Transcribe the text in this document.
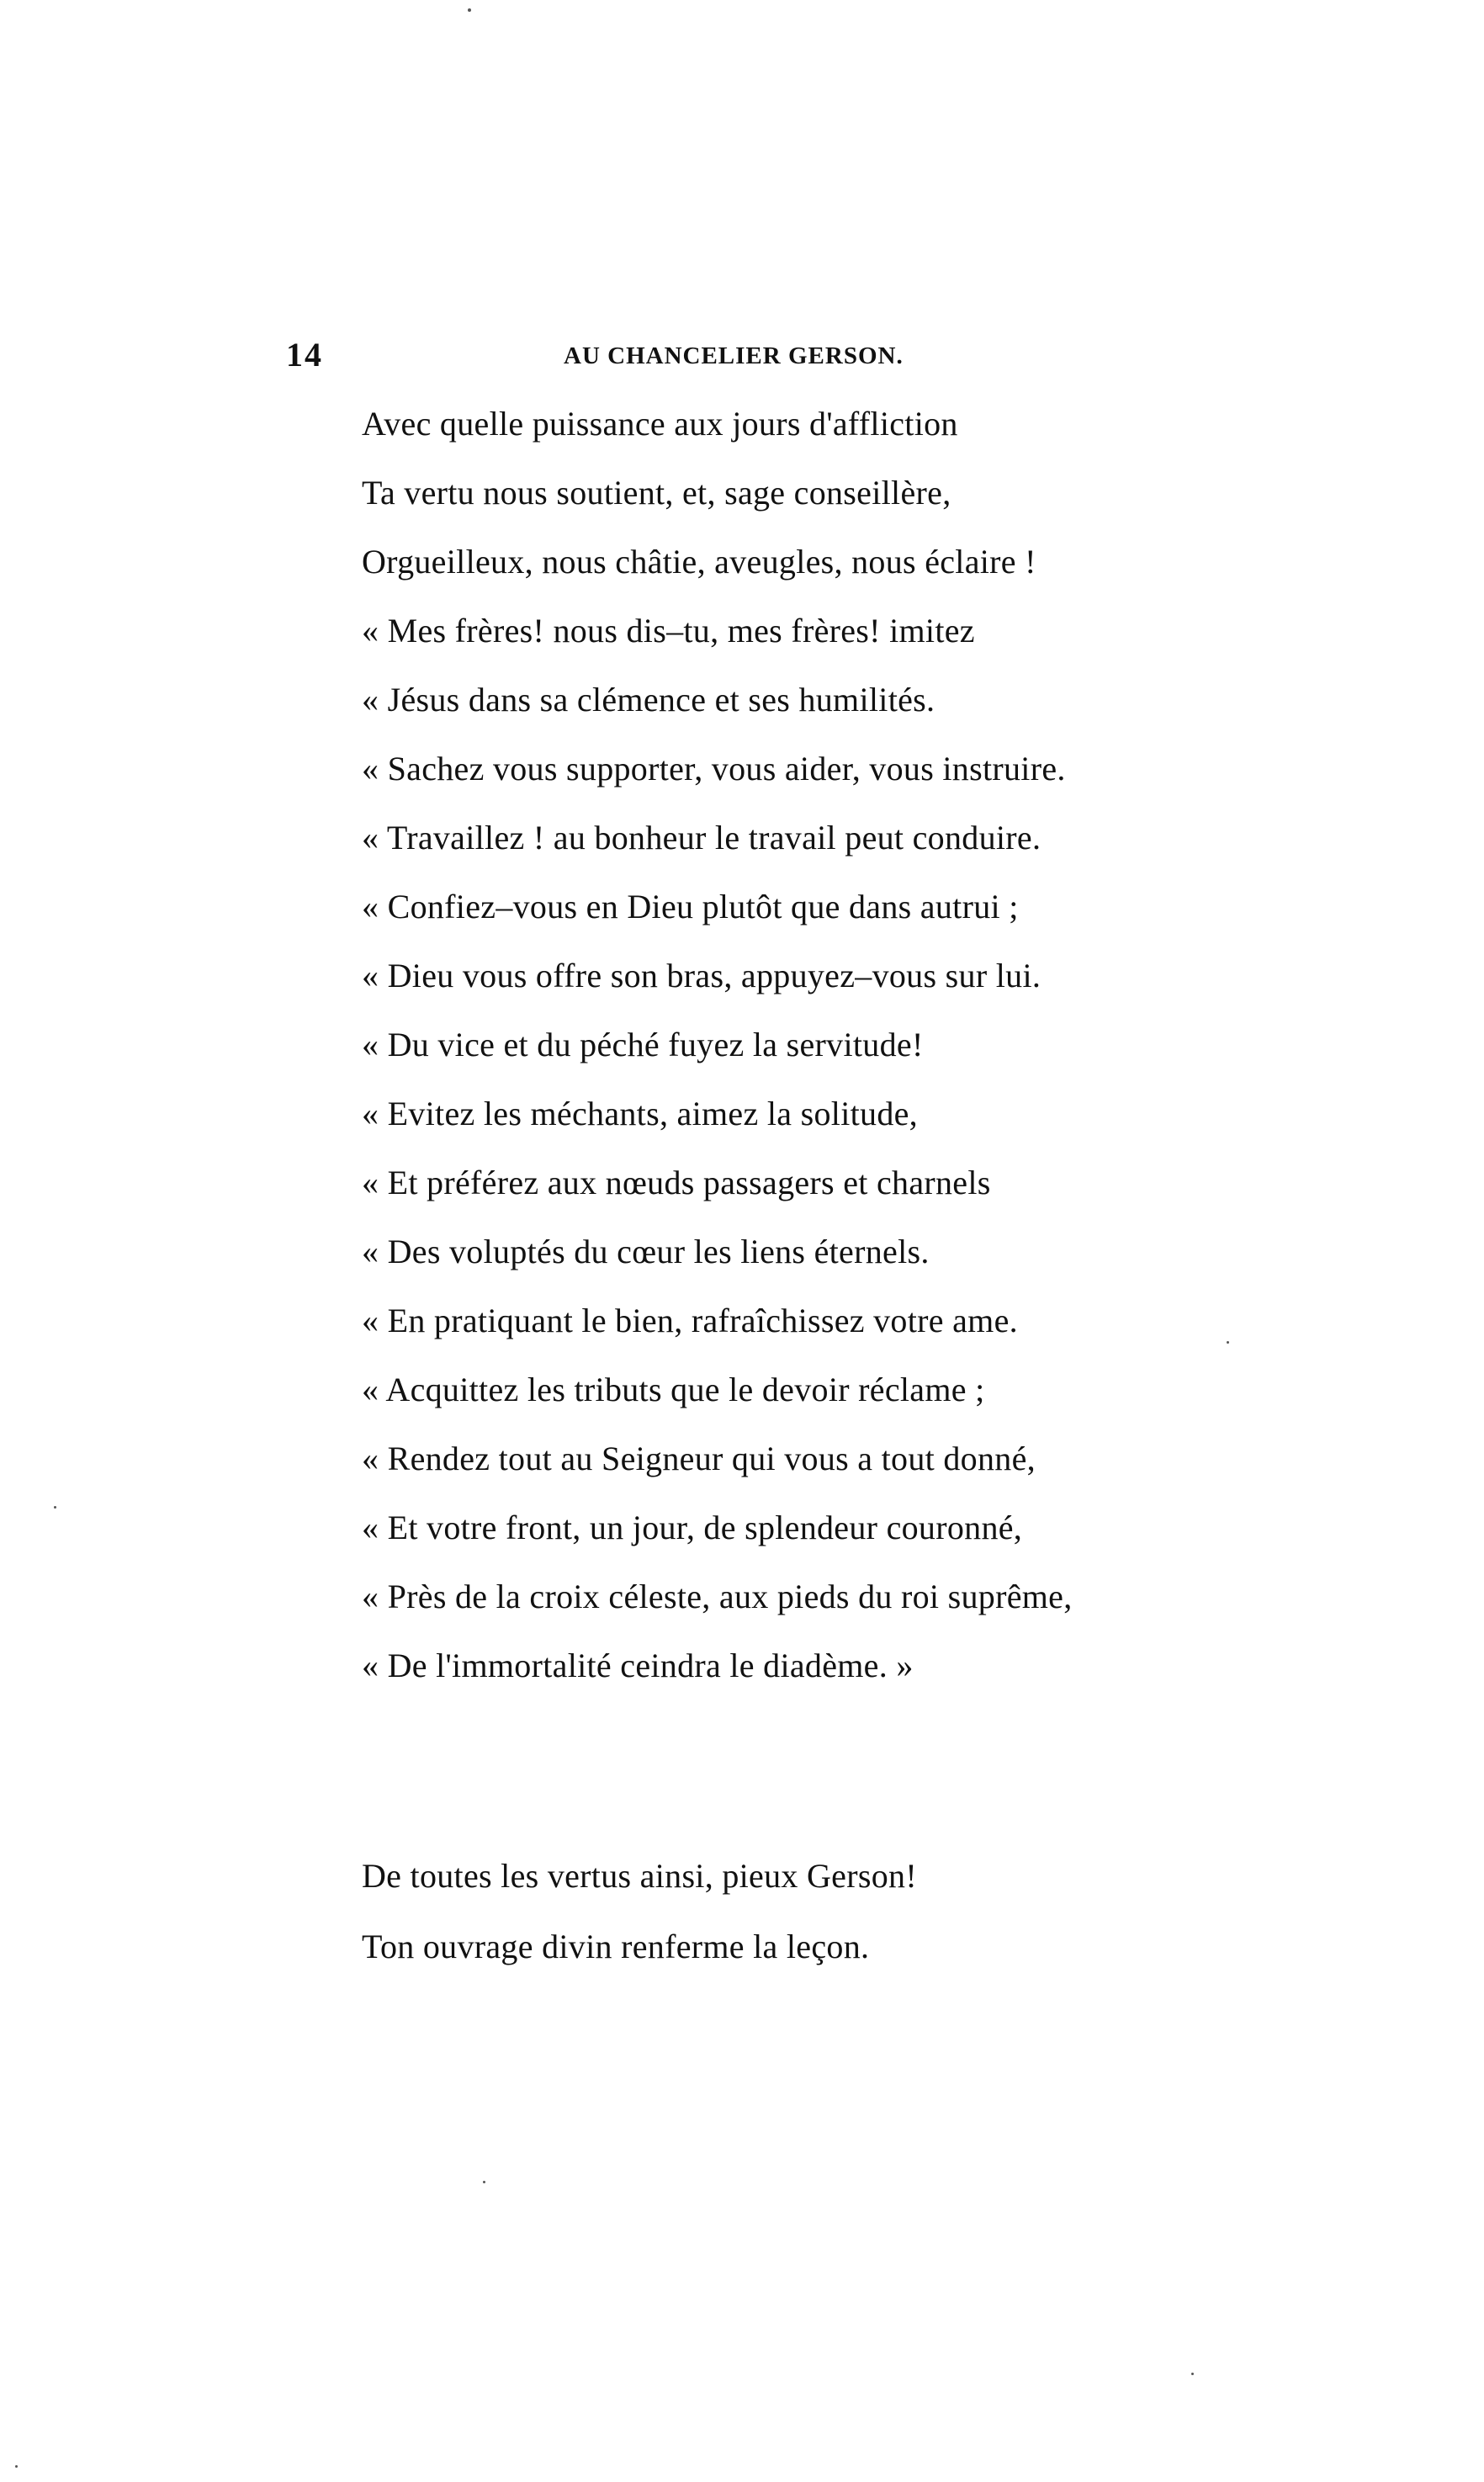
14	AU CHANCELIER GERSON.
Avec quelle puissance aux jours d'affliction
Ta vertu nous soutient, et, sage conseillère,
Orgueilleux, nous châtie, aveugles, nous éclaire !
« Mes frères! nous dis–tu, mes frères! imitez
« Jésus dans sa clémence et ses humilités.
« Sachez vous supporter, vous aider, vous instruire.
« Travaillez ! au bonheur le travail peut conduire.
« Confiez–vous en Dieu plutôt que dans autrui ;
« Dieu vous offre son bras, appuyez–vous sur lui.
« Du vice et du péché fuyez la servitude!
« Evitez les méchants, aimez la solitude,
« Et préférez aux nœuds passagers et charnels
« Des voluptés du cœur les liens éternels.
« En pratiquant le bien, rafraîchissez votre ame.
« Acquittez les tributs que le devoir réclame ;
« Rendez tout au Seigneur qui vous a tout donné,
« Et votre front, un jour, de splendeur couronné,
« Près de la croix céleste, aux pieds du roi suprême,
« De l'immortalité ceindra le diadème. »
De toutes les vertus ainsi, pieux Gerson!
Ton ouvrage divin renferme la leçon.
